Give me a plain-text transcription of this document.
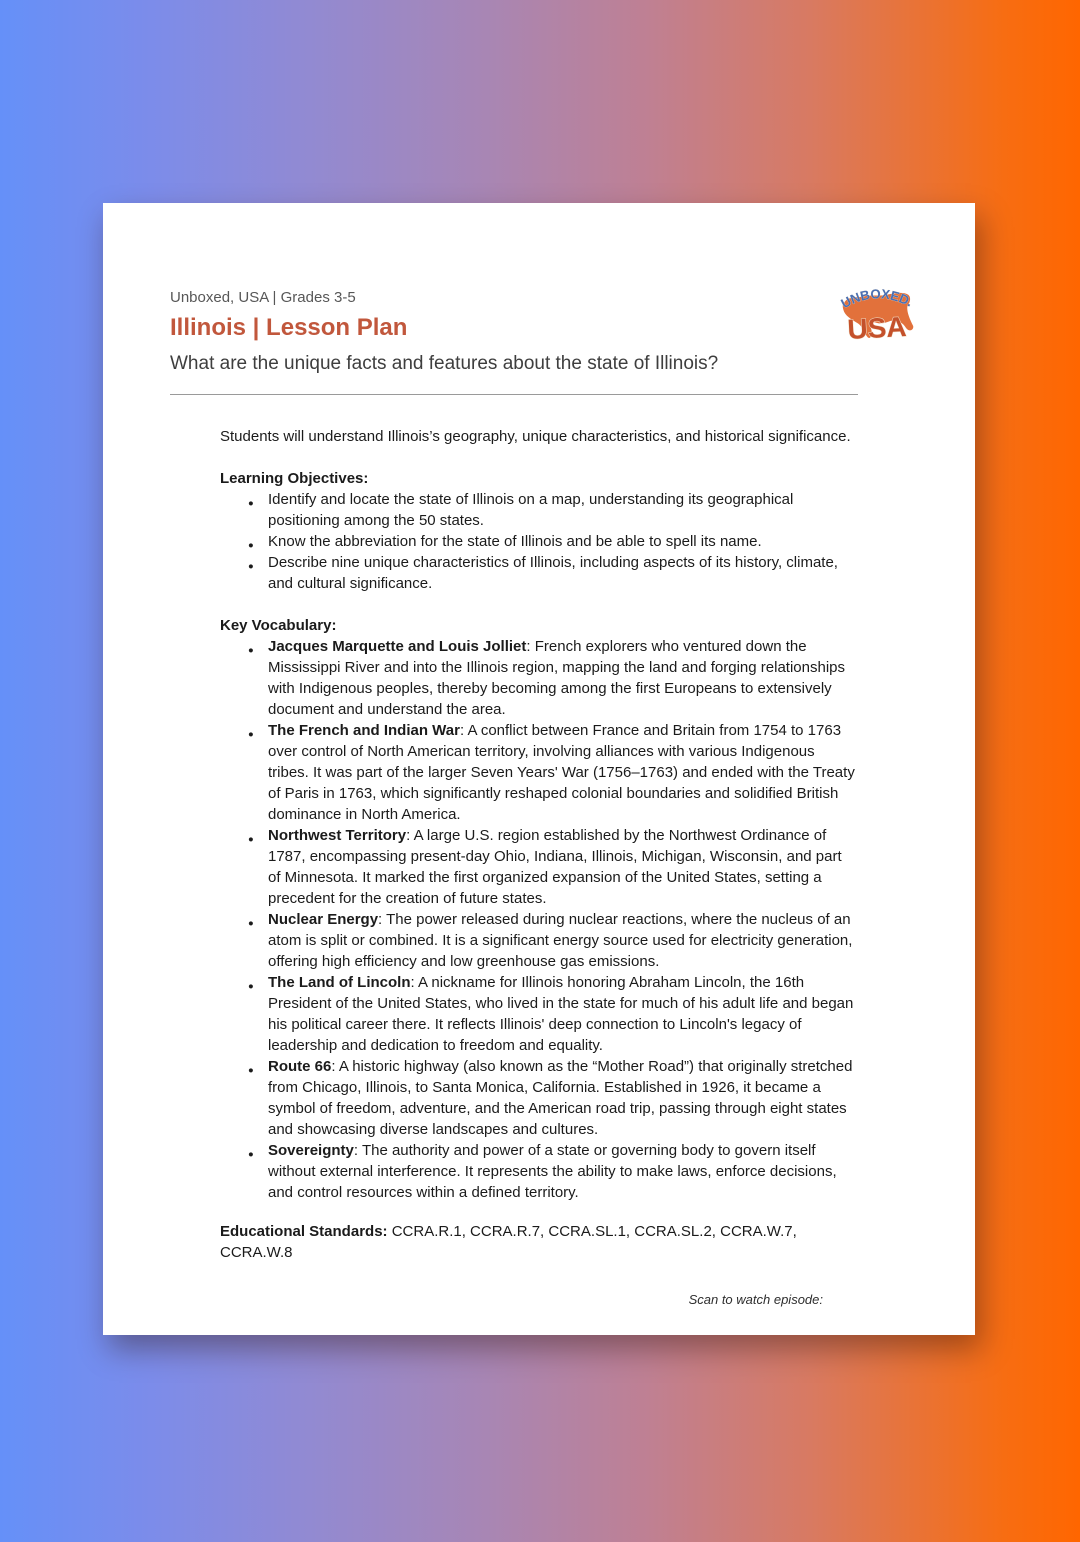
Unboxed, USA | Grades 3-5
Illinois | Lesson Plan
What are the unique facts and features about the state of Illinois?
UNBOXED.
USA

Students will understand Illinois’s geography, unique characteristics, and historical significance.

Learning Objectives:

● Identify and locate the state of Illinois on a map, understanding its geographical positioning among the 50 states.
● Know the abbreviation for the state of Illinois and be able to spell its name.
● Describe nine unique characteristics of Illinois, including aspects of its history, climate, and cultural significance.

Key Vocabulary:

● Jacques Marquette and Louis Jolliet: French explorers who ventured down the Mississippi River and into the Illinois region, mapping the land and forging relationships with Indigenous peoples, thereby becoming among the first Europeans to extensively document and understand the area.
● The French and Indian War: A conflict between France and Britain from 1754 to 1763 over control of North American territory, involving alliances with various Indigenous tribes. It was part of the larger Seven Years' War (1756–1763) and ended with the Treaty of Paris in 1763, which significantly reshaped colonial boundaries and solidified British dominance in North America.
● Northwest Territory: A large U.S. region established by the Northwest Ordinance of 1787, encompassing present-day Ohio, Indiana, Illinois, Michigan, Wisconsin, and part of Minnesota. It marked the first organized expansion of the United States, setting a precedent for the creation of future states.
● Nuclear Energy: The power released during nuclear reactions, where the nucleus of an atom is split or combined. It is a significant energy source used for electricity generation, offering high efficiency and low greenhouse gas emissions.
● The Land of Lincoln: A nickname for Illinois honoring Abraham Lincoln, the 16th President of the United States, who lived in the state for much of his adult life and began his political career there. It reflects Illinois' deep connection to Lincoln's legacy of leadership and dedication to freedom and equality.
● Route 66: A historic highway (also known as the “Mother Road”) that originally stretched from Chicago, Illinois, to Santa Monica, California. Established in 1926, it became a symbol of freedom, adventure, and the American road trip, passing through eight states and showcasing diverse landscapes and cultures.
● Sovereignty: The authority and power of a state or governing body to govern itself without external interference. It represents the ability to make laws, enforce decisions, and control resources within a defined territory.

Educational Standards: CCRA.R.1, CCRA.R.7, CCRA.SL.1, CCRA.SL.2, CCRA.W.7, CCRA.W.8

Scan to watch episode:
